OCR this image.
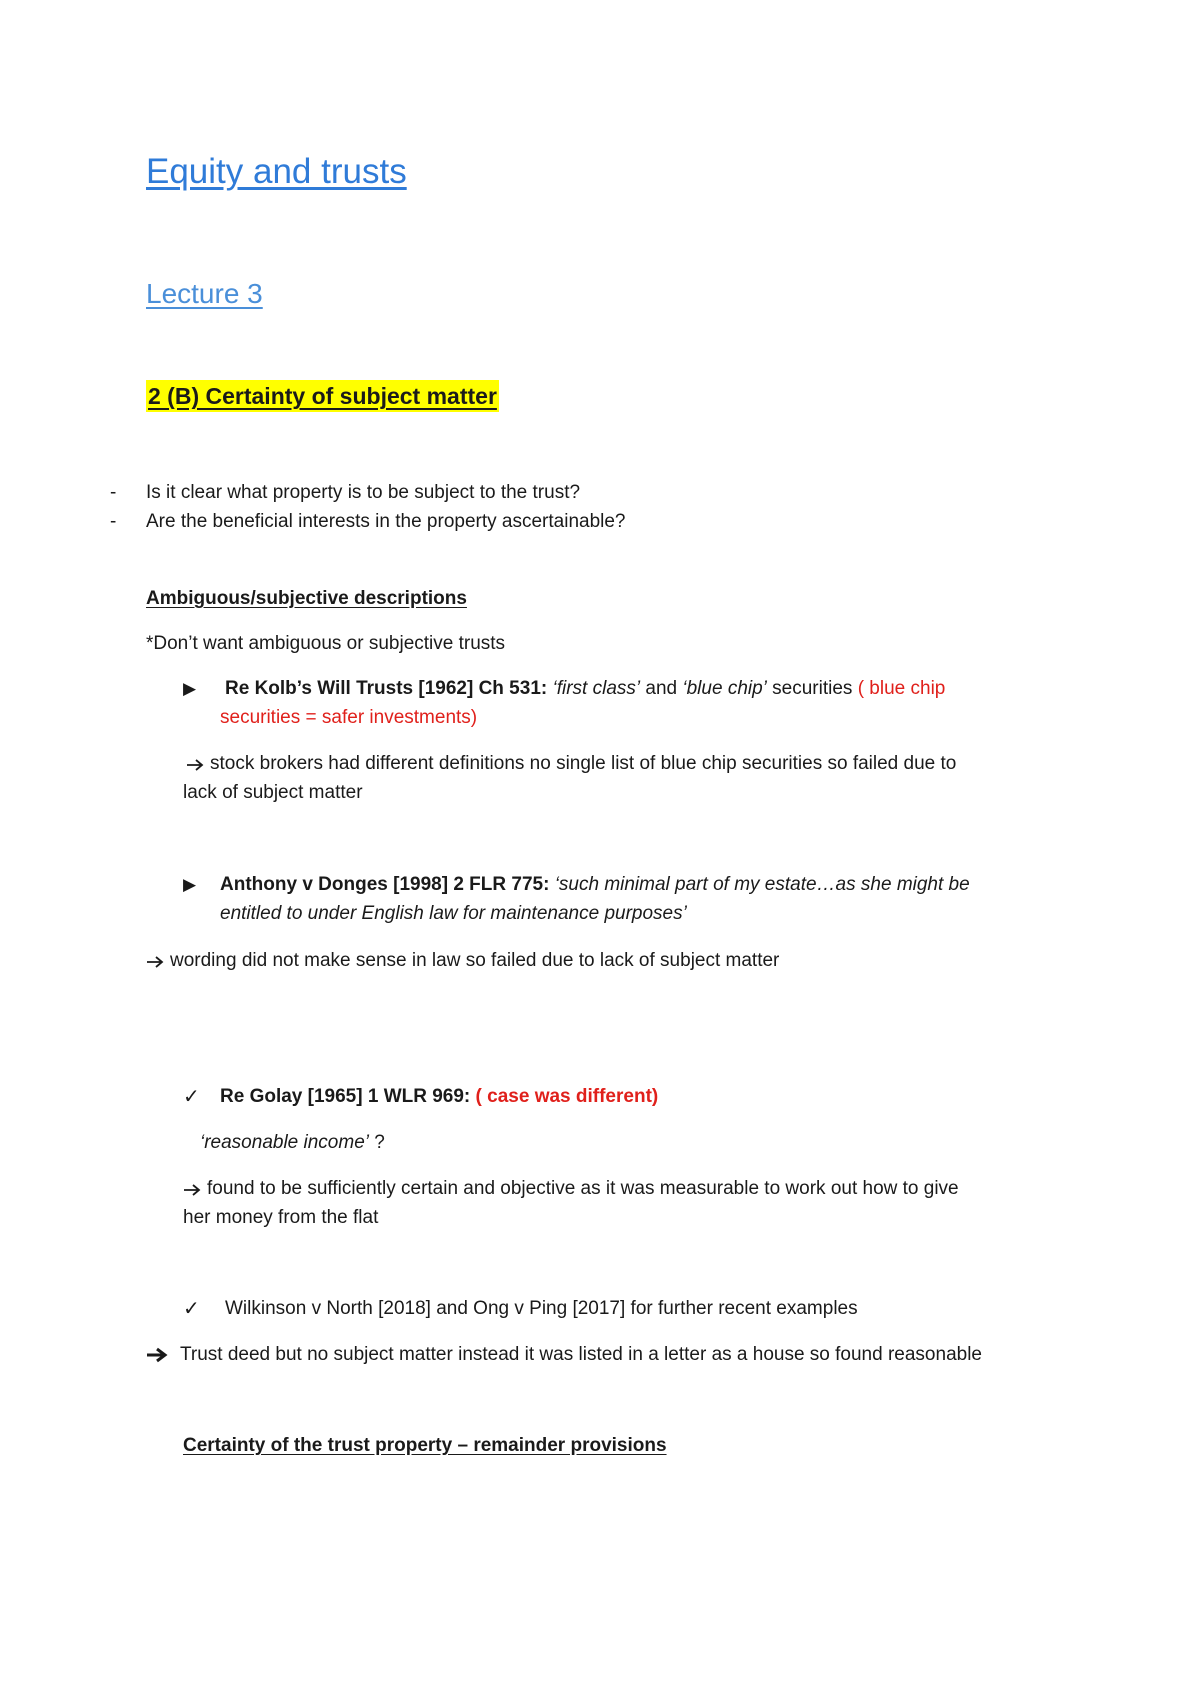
Equity and trusts
Lecture 3
2 (B) Certainty of subject matter
- Is it clear what property is to be subject to the trust?
- Are the beneficial interests in the property ascertainable?
Ambiguous/subjective descriptions
*Don’t want ambiguous or subjective trusts
▶ Re Kolb’s Will Trusts [1962] Ch 531: ‘first class’ and ‘blue chip’ securities ( blue chip
securities = safer investments)
stock brokers had different definitions no single list of blue chip securities so failed due to
lack of subject matter
▶ Anthony v Donges [1998] 2 FLR 775: ‘such minimal part of my estate…as she might be
entitled to under English law for maintenance purposes’
wording did not make sense in law so failed due to lack of subject matter
✓ Re Golay [1965] 1 WLR 969: ( case was different)
‘reasonable income’ ?
found to be sufficiently certain and objective as it was measurable to work out how to give
her money from the flat
✓ Wilkinson v North [2018] and Ong v Ping [2017] for further recent examples
Trust deed but no subject matter instead it was listed in a letter as a house so found reasonable
Certainty of the trust property – remainder provisions
